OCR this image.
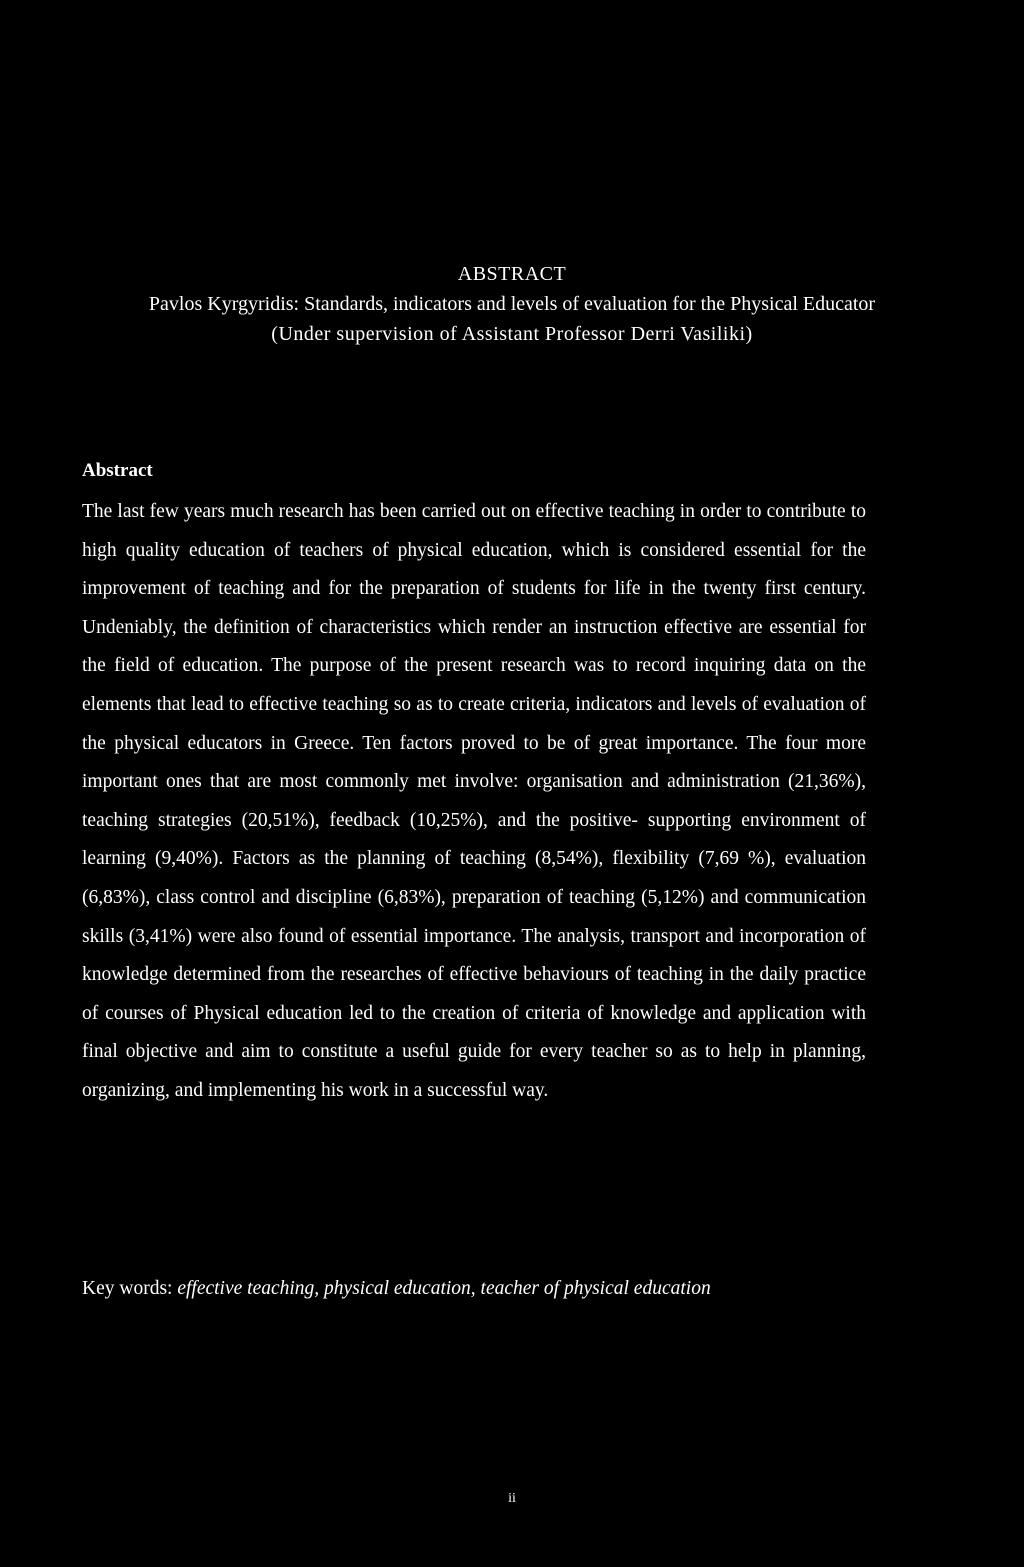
ABSTRACT
Pavlos Kyrgyridis: Standards, indicators and levels of evaluation for the Physical Educator
(Under supervision of Assistant Professor Derri Vasiliki)
Abstract

The last few years much research has been carried out on effective teaching in order to contribute to high quality education of teachers of physical education, which is considered essential for the improvement of teaching and for the preparation of students for life in the twenty first century. Undeniably, the definition of characteristics which render an instruction effective are essential for the field of education. The purpose of the present research was to record inquiring data on the elements that lead to effective teaching so as to create criteria, indicators and levels of evaluation of the physical educators in Greece. Ten factors proved to be of great importance. The four more important ones that are most commonly met involve: organisation and administration (21,36%), teaching strategies (20,51%), feedback (10,25%), and the positive- supporting environment of learning (9,40%). Factors as the planning of teaching (8,54%), flexibility (7,69 %), evaluation (6,83%), class control and discipline (6,83%), preparation of teaching (5,12%) and communication skills (3,41%) were also found of essential importance. The analysis, transport and incorporation of knowledge determined from the researches of effective behaviours of teaching in the daily practice of courses of Physical education led to the creation of criteria of knowledge and application with final objective and aim to constitute a useful guide for every teacher so as to help in planning, organizing, and implementing his work in a successful way.

Key words: effective teaching, physical education, teacher of physical education
ii
